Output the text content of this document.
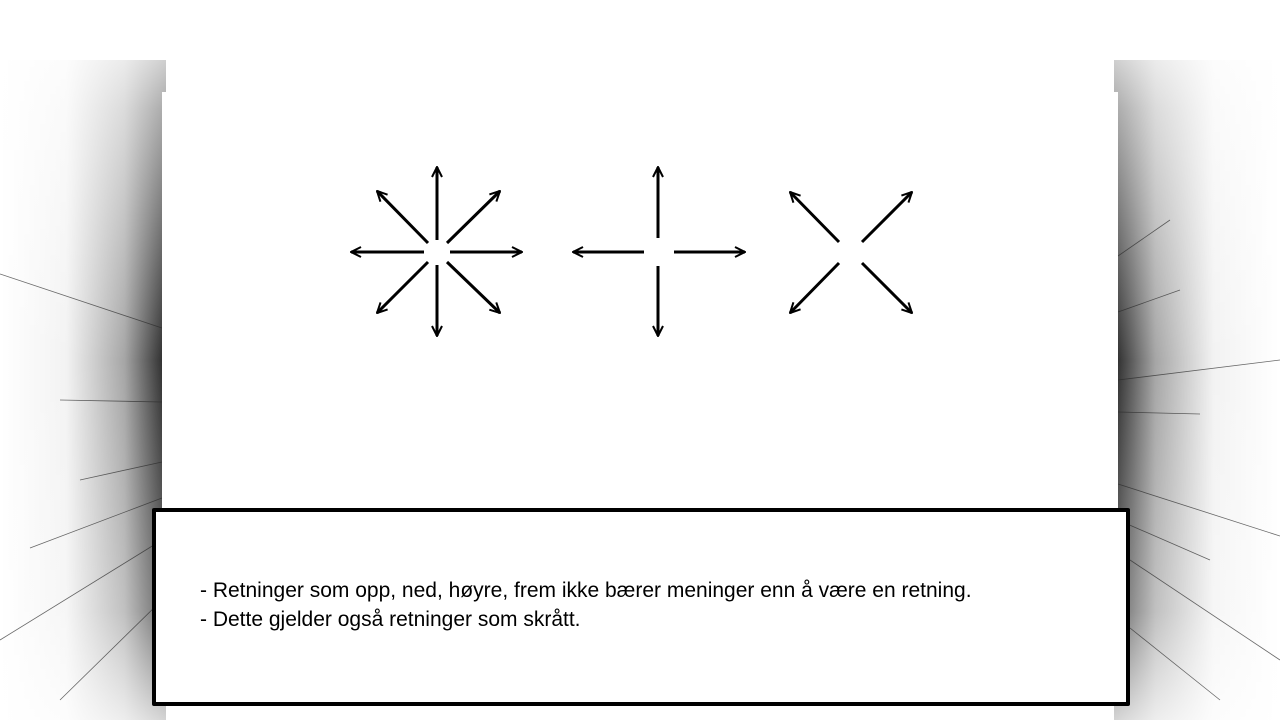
- Retninger som opp, ned, høyre, frem ikke bærer meninger enn å være en retning.
- Dette gjelder også retninger som skrått.
